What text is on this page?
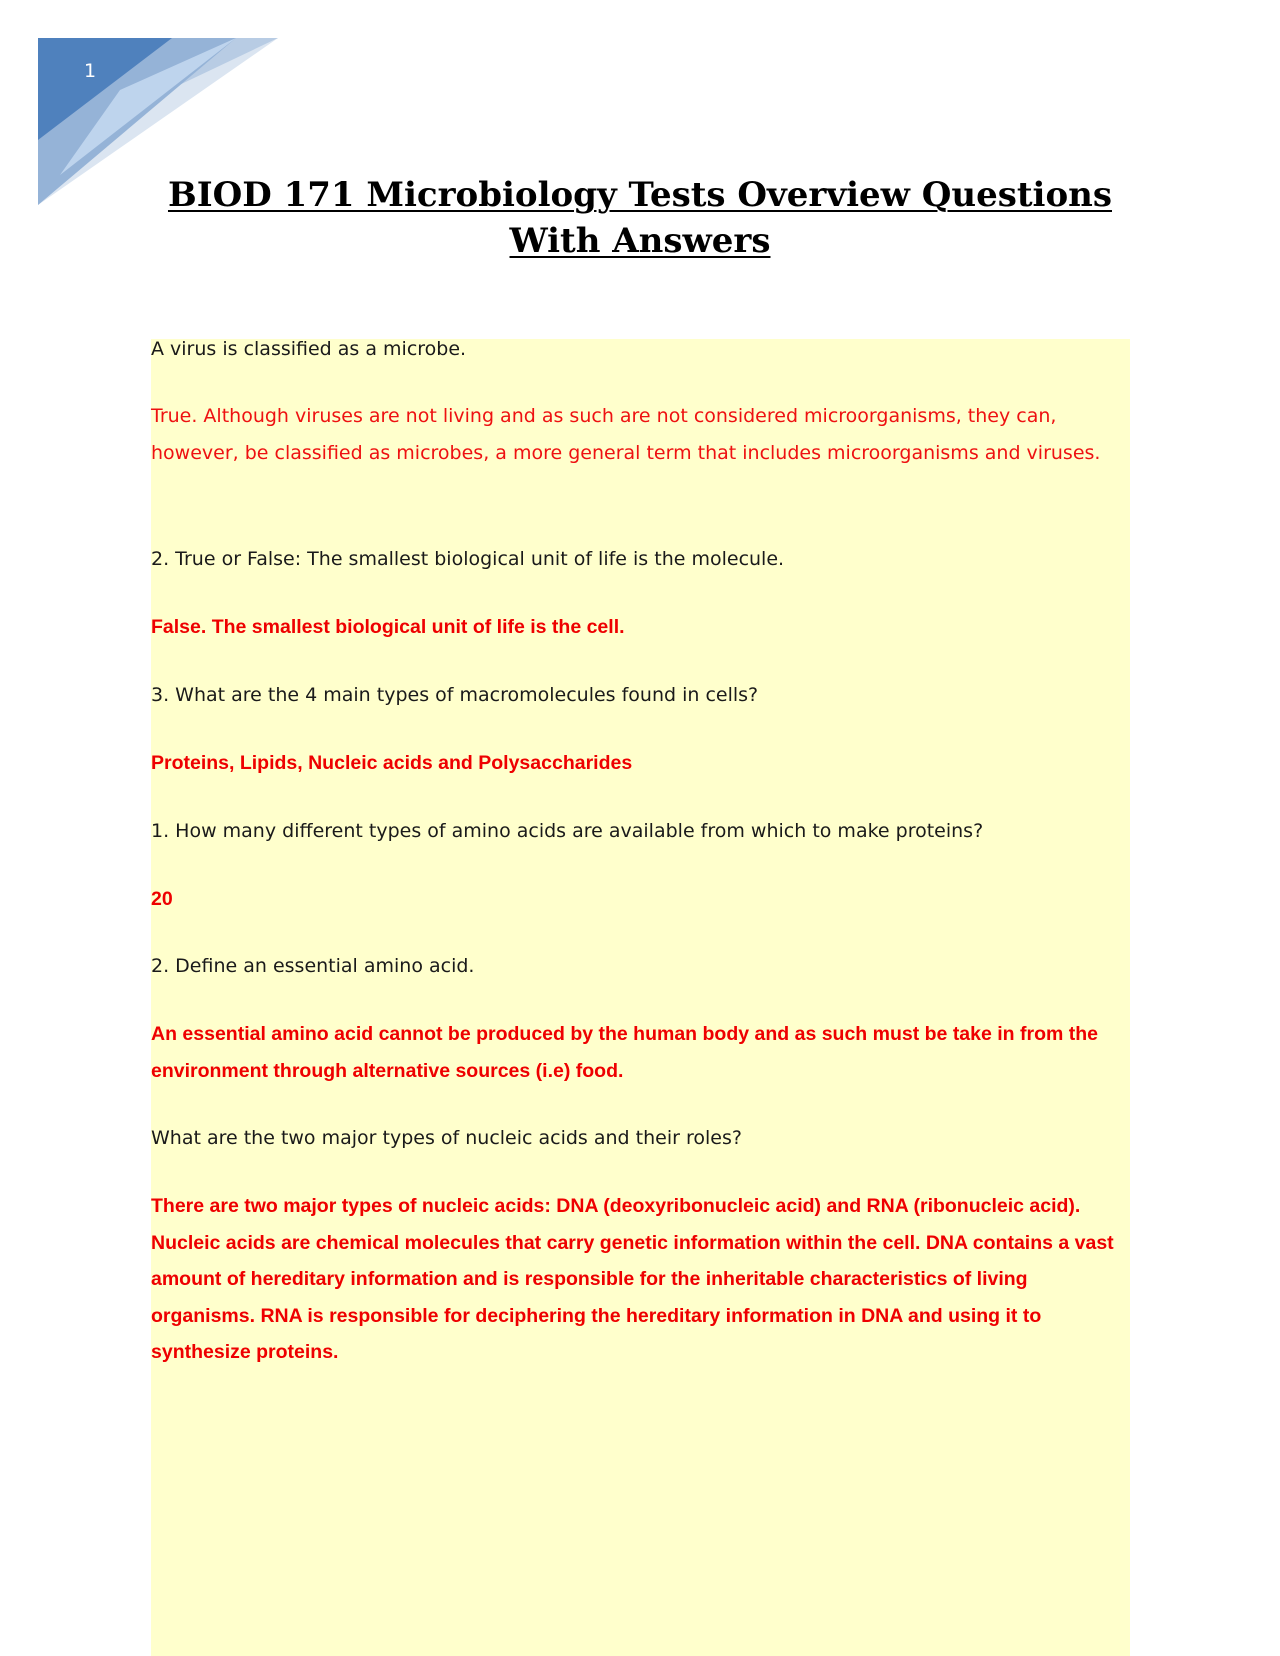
1
BIOD 171 Microbiology Tests Overview Questions With Answers

A virus is classified as a microbe.

True. Although viruses are not living and as such are not considered microorganisms, they can, however, be classified as microbes, a more general term that includes microorganisms and viruses.

2. True or False: The smallest biological unit of life is the molecule.

False. The smallest biological unit of life is the cell.

3. What are the 4 main types of macromolecules found in cells?

Proteins, Lipids, Nucleic acids and Polysaccharides

1. How many different types of amino acids are available from which to make proteins?

20

2. Define an essential amino acid.

An essential amino acid cannot be produced by the human body and as such must be take in from the environment through alternative sources (i.e) food.

What are the two major types of nucleic acids and their roles?

There are two major types of nucleic acids: DNA (deoxyribonucleic acid) and RNA (ribonucleic acid). Nucleic acids are chemical molecules that carry genetic information within the cell. DNA contains a vast amount of hereditary information and is responsible for the inheritable characteristics of living organisms. RNA is responsible for deciphering the hereditary information in DNA and using it to synthesize proteins.
